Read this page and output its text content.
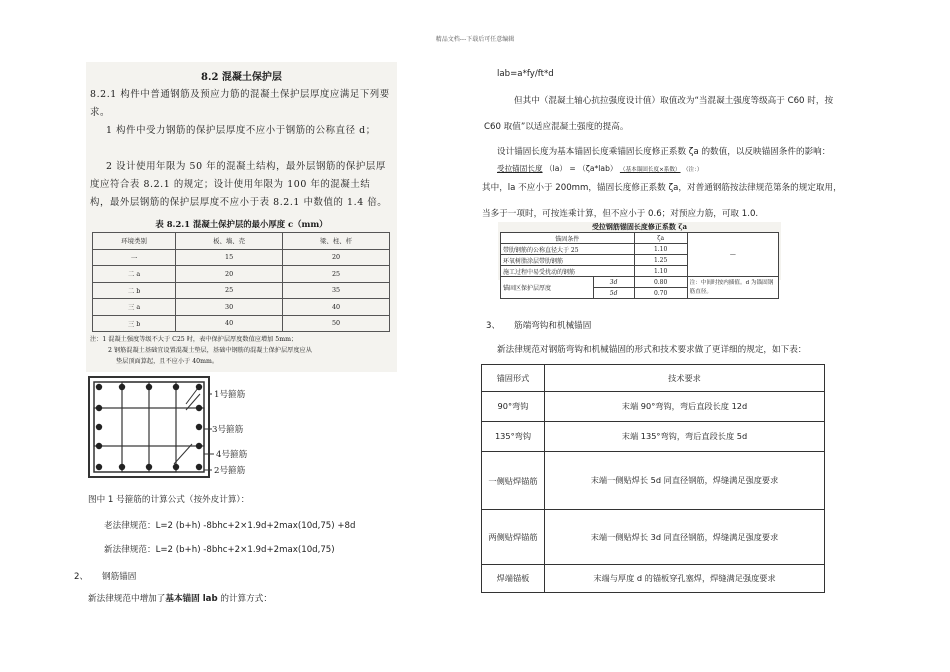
精品文档---下载后可任意编辑
8.2 混凝土保护层
8.2.1 构件中普通钢筋及预应力筋的混凝土保护层厚度应满足下列要求。
1 构件中受力钢筋的保护层厚度不应小于钢筋的公称直径 d；
2 设计使用年限为 50 年的混凝土结构，最外层钢筋的保护层厚度应符合表 8.2.1 的规定；设计使用年限为 100 年的混凝土结构，最外层钢筋的保护层厚度不应小于表 8.2.1 中数值的 1.4 倍。
表 8.2.1 混凝土保护层的最小厚度 c（mm）
环境类别	板、墙、壳	梁、柱、杆
一	15	20
二 a	20	25
二 b	25	35
三 a	30	40
三 b	40	50
注：1 混凝土强度等级不大于 C25 时，表中保护层厚度数值应增加 5mm；
2 钢筋混凝土基础宜设置混凝土垫层，基础中钢筋的混凝土保护层厚度应从
垫层顶面算起，且不应小于 40mm。
1号箍筋
3号箍筋
4号箍筋
2号箍筋
图中 1 号箍筋的计算公式（按外皮计算）：
老法律规范：L=2 (b+h) -8bhc+2×1.9d+2max(10d,75) +8d
新法律规范：L=2 (b+h) -8bhc+2×1.9d+2max(10d,75)
2、 钢筋锚固
新法律规范中增加了基本锚固 lab 的计算方式：
lab=a*fy/ft*d
但其中（混凝土轴心抗拉强度设计值）取值改为“当混凝土强度等级高于 C60 时，按
C60 取值”以适应混凝土强度的提高。
设计锚固长度为基本锚固长度乘锚固长度修正系数 ζa 的数值，以反映锚固条件的影响：
受拉锚固长度 （la） = （ζa*lab） （基本锚固长度×系数） （注：）
其中，la 不应小于 200mm，锚固长度修正系数 ζa，对普通钢筋按法律规范第条的规定取用，
当多于一项时，可按连乘计算，但不应小于 0.6；对预应力筋，可取 1.0.
受拉钢筋锚固长度修正系数 ζa
锚固条件		ζa	—
带肋钢筋的公称直径大于 25		1.10	
环氧树脂涂层带肋钢筋		1.25	
施工过程中易受扰动的钢筋		1.10	
锚固区保护层厚度	3d	0.80	注：中间时按内插值。d 为锚固钢筋直径。
	5d	0.70	
3、 筋端弯钩和机械锚固
新法律规范对钢筋弯钩和机械锚固的形式和技术要求做了更详细的规定，如下表：
锚固形式	技术要求
90°弯钩	末端 90°弯钩，弯后直段长度 12d
135°弯钩	末端 135°弯钩，弯后直段长度 5d
一侧贴焊锚筋	末端一侧贴焊长 5d 同直径钢筋，焊缝满足强度要求
两侧贴焊锚筋	末端一侧贴焊长 3d 同直径钢筋，焊缝满足强度要求
焊端锚板	末端与厚度 d 的锚板穿孔塞焊，焊缝满足强度要求
